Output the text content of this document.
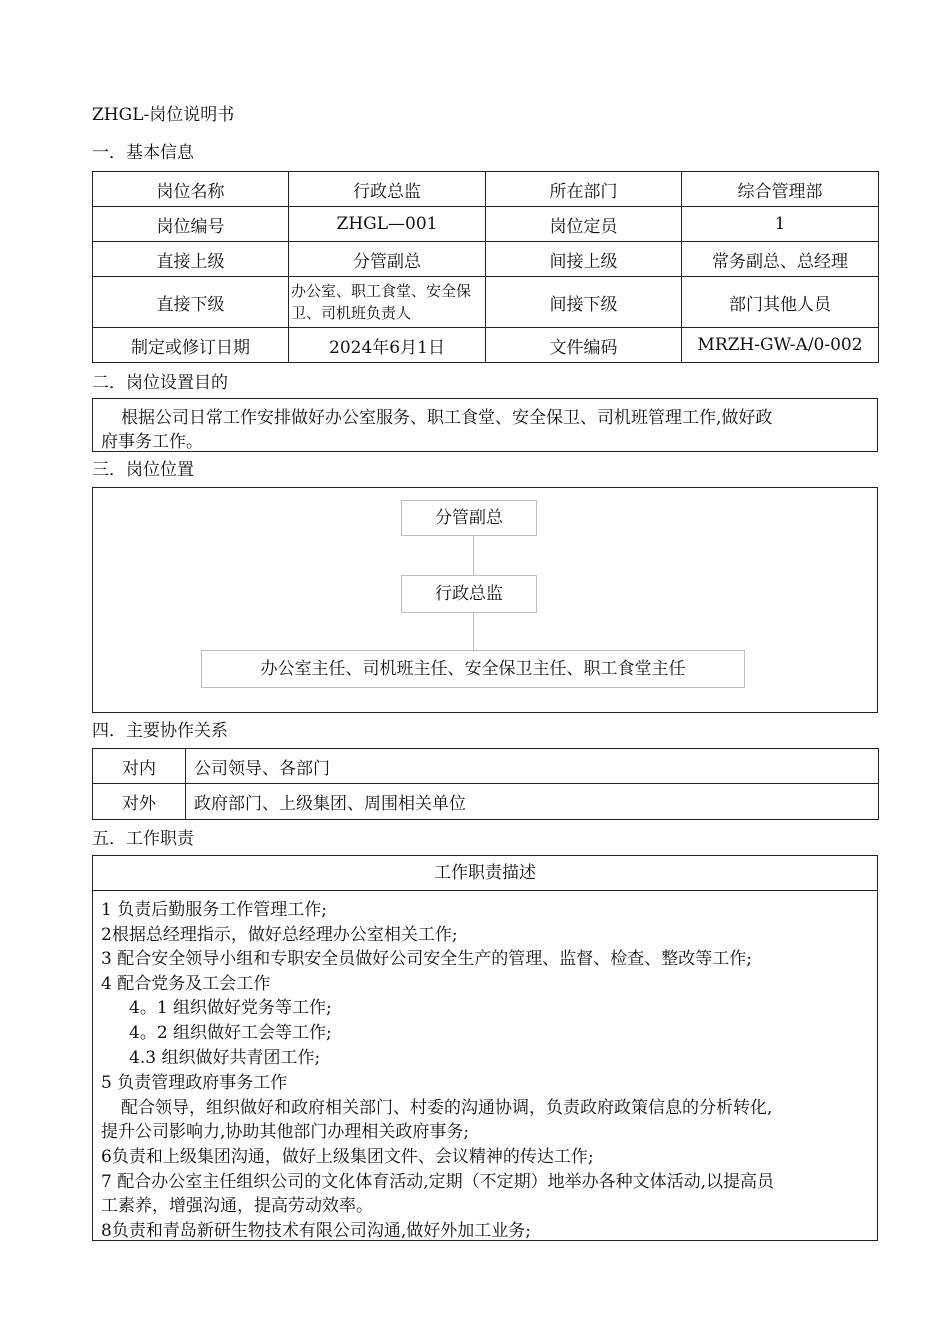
ZHGL-岗位说明书
一．基本信息
岗位名称	行政总监	所在部门	综合管理部
岗位编号	ZHGL—001	岗位定员	1
直接上级	分管副总	间接上级	常务副总、总经理
直接下级	办公室、职工食堂、安全保卫、司机班负责人	间接下级	部门其他人员
制定或修订日期	2024年6月1日	文件编码	MRZH-GW-A/0-002
二．岗位设置目的
根据公司日常工作安排做好办公室服务、职工食堂、安全保卫、司机班管理工作,做好政
府事务工作。
三．岗位位置
分管副总
行政总监
办公室主任、司机班主任、安全保卫主任、职工食堂主任
四．主要协作关系
对内	公司领导、各部门
对外	政府部门、上级集团、周围相关单位
五．工作职责
工作职责描述
1 负责后勤服务工作管理工作;
2根据总经理指示，做好总经理办公室相关工作;
3 配合安全领导小组和专职安全员做好公司安全生产的管理、监督、检查、整改等工作;
4 配合党务及工会工作
4。1 组织做好党务等工作;
4。2 组织做好工会等工作;
4.3 组织做好共青团工作;
5 负责管理政府事务工作
配合领导，组织做好和政府相关部门、村委的沟通协调，负责政府政策信息的分析转化,
提升公司影响力,协助其他部门办理相关政府事务;
6负责和上级集团沟通，做好上级集团文件、会议精神的传达工作;
7 配合办公室主任组织公司的文化体育活动,定期（不定期）地举办各种文体活动,以提高员
工素养，增强沟通，提高劳动效率。
8负责和青岛新研生物技术有限公司沟通,做好外加工业务;
